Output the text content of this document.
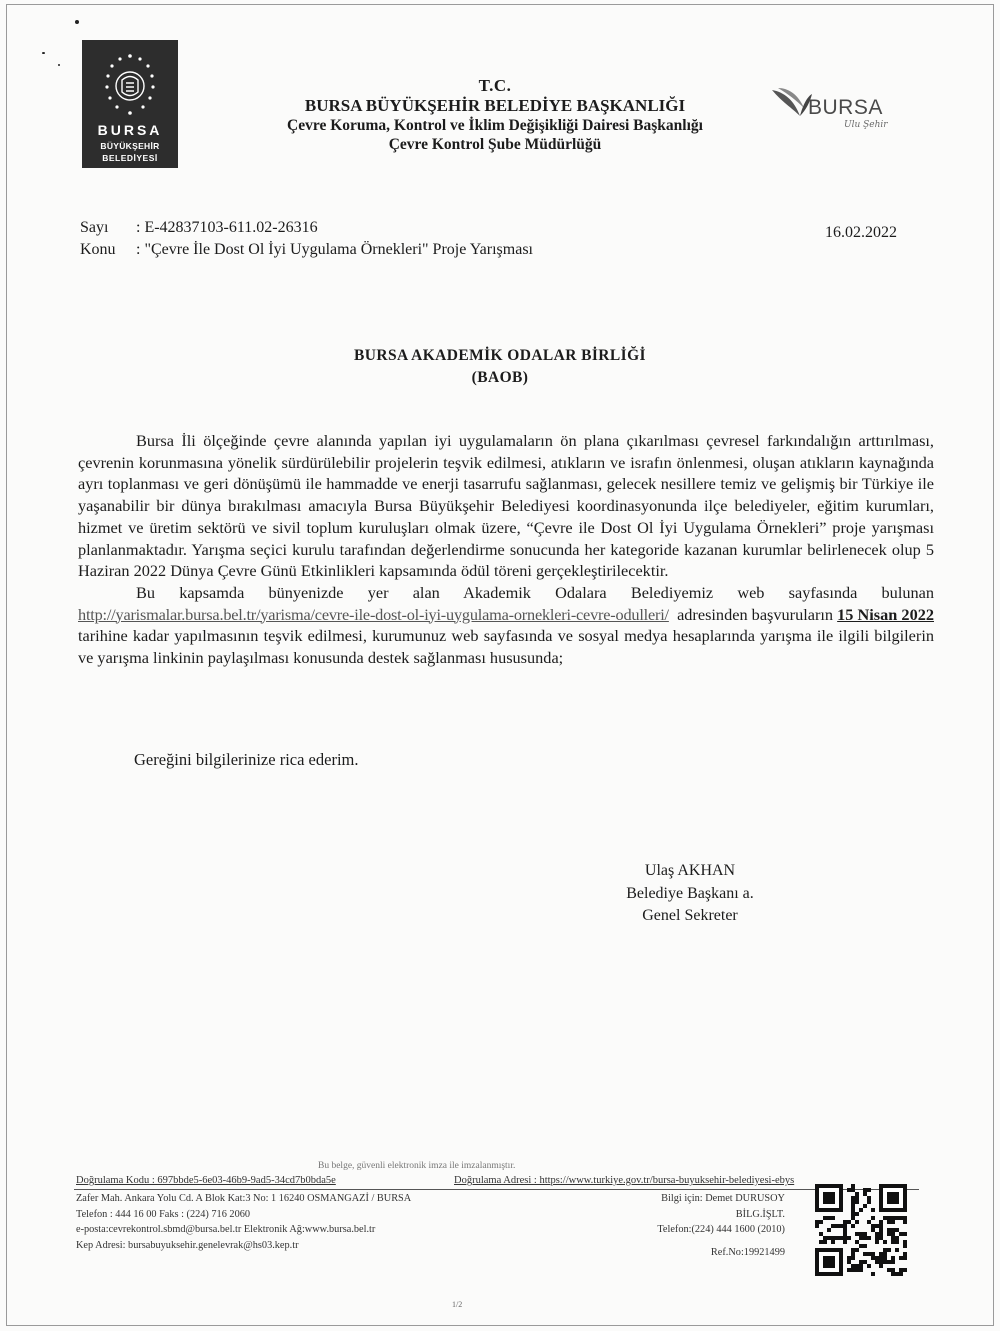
BURSA
BÜYÜKŞEHİR
BELEDİYESİ
BURSA
Ulu Şehir
T.C.
BURSA BÜYÜKŞEHİR BELEDİYE BAŞKANLIĞI
Çevre Koruma, Kontrol ve İklim Değişikliği Dairesi Başkanlığı
Çevre Kontrol Şube Müdürlüğü
Sayı : E-42837103-611.02-26316
Konu : "Çevre İle Dost Ol İyi Uygulama Örnekleri" Proje Yarışması
16.02.2022
BURSA AKADEMİK ODALAR BİRLİĞİ
(BAOB)

Bursa İli ölçeğinde çevre alanında yapılan iyi uygulamaların ön plana çıkarılması çevresel farkındalığın arttırılması, çevrenin korunmasına yönelik sürdürülebilir projelerin teşvik edilmesi, atıkların ve israfın önlenmesi, oluşan atıkların kaynağında ayrı toplanması ve geri dönüşümü ile hammadde ve enerji tasarrufu sağlanması, gelecek nesillere temiz ve gelişmiş bir Türkiye ile yaşanabilir bir dünya bırakılması amacıyla Bursa Büyükşehir Belediyesi koordinasyonunda ilçe belediyeler, eğitim kurumları, hizmet ve üretim sektörü ve sivil toplum kuruluşları olmak üzere, “Çevre ile Dost Ol İyi Uygulama Örnekleri” proje yarışması planlanmaktadır. Yarışma seçici kurulu tarafından değerlendirme sonucunda her kategoride kazanan kurumlar belirlenecek olup 5 Haziran 2022 Dünya Çevre Günü Etkinlikleri kapsamında ödül töreni gerçekleştirilecektir.

Bu kapsamda bünyenizde yer alan Akademik Odalara Belediyemiz web sayfasında bulunan http://yarismalar.bursa.bel.tr/yarisma/cevre-ile-dost-ol-iyi-uygulama-ornekleri-cevre-odulleri/ adresinden başvuruların 15 Nisan 2022 tarihine kadar yapılmasının teşvik edilmesi, kurumunuz web sayfasında ve sosyal medya hesaplarında yarışma ile ilgili bilgilerin ve yarışma linkinin paylaşılması konusunda destek sağlanması hususunda;

Gereğini bilgilerinize rica ederim.
Ulaş AKHAN
Belediye Başkanı a.
Genel Sekreter
Bu belge, güvenli elektronik imza ile imzalanmıştır.
Doğrulama Kodu : 697bbde5-6e03-46b9-9ad5-34cd7b0bda5e	Doğrulama Adresi : https://www.turkiye.gov.tr/bursa-buyuksehir-belediyesi-ebys
Zafer Mah. Ankara Yolu Cd. A Blok Kat:3 No: 1 16240 OSMANGAZİ / BURSA
Telefon : 444 16 00 Faks : (224) 716 2060
e-posta:cevrekontrol.sbmd@bursa.bel.tr Elektronik Ağ:www.bursa.bel.tr
Kep Adresi: bursabuyuksehir.genelevrak@hs03.kep.tr
Bilgi için: Demet DURUSOY
BİLG.İŞLT.
Telefon:(224) 444 1600 (2010)
Ref.No:19921499
1/2
